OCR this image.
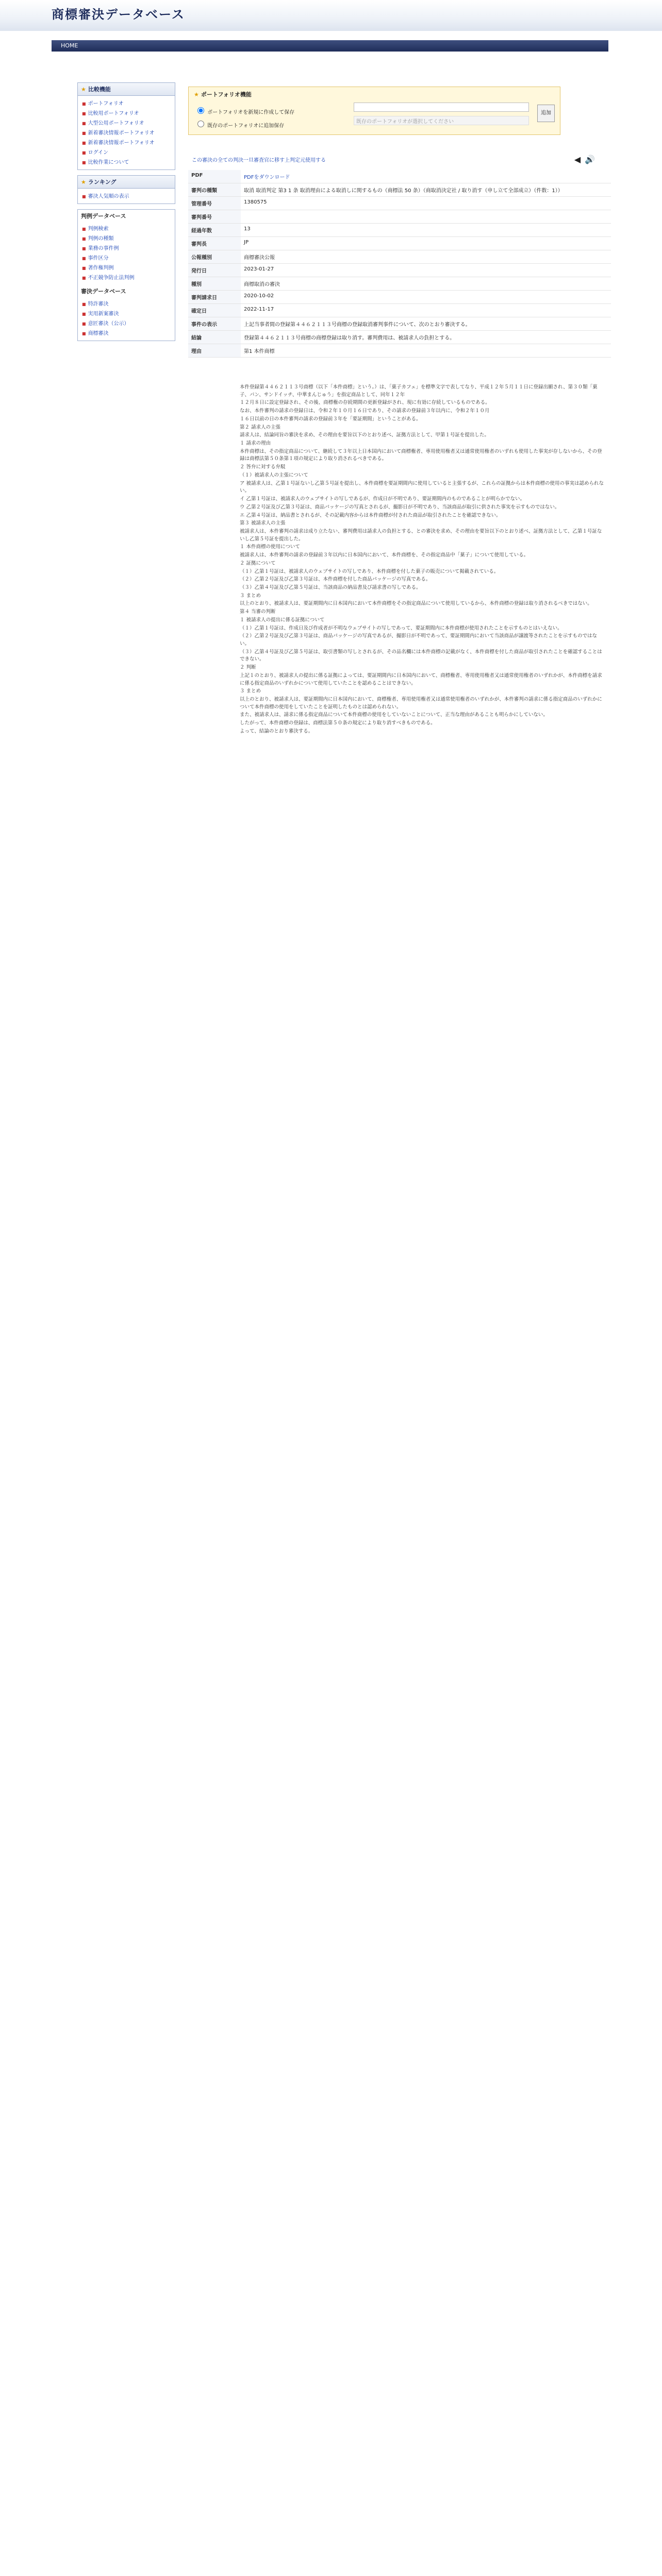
商標審決データベース
HOME
★ 比較機能
■ ポートフォリオ
■ 比較用ポートフォリオ
■ 大型公用ポートフォリオ
■ 新着審決情報ポートフォリオ
■ 新着審決情報ポートフォリオ
■ ログイン
■ 比較作業について
★ ランキング
■ 審決人気順の表示
判例データベース
■ 判例検索
■ 判例の種類
■ 業務の事件例
■ 事件区分
■ 著作権判例
■ 不正競争防止法判例
審決データベース
■ 特許審決
■ 実用新案審決
■ 意匠審決（公示）
■ 商標審決
★ ポートフォリオ機能
ポートフォリオを新規に作成して保存
既存のポートフォリオに追加保存
既存のポートフォリオが選択してください
追加
この審決の全ての判決一旦審査官に移す上判定元使用する	◀ 🔊
PDF	PDFをダウンロード
審判の種類	取消 取消判定 第3 1 条 取消理由による取消しに関するもの（商標法 50 条）（商取消決定社 / 取り消す（申し立て全部成立）（件数：1））
管理番号	1380575
審判番号	
経過年数	13
審判長	JP
公報種別	商標審決公報
発行日	2023-01-27
種別	商標取消の審決
審判請求日	2020-10-02
確定日	2022-11-17
事件の表示	上記当事者間の登録第４４６２１１３号商標の登録取消審判事件について、次のとおり審決する。
結論	登録第４４６２１１３号商標の商標登録は取り消す。審判費用は、被請求人の負担とする。
理由	第1 本件商標

本件登録第４４６２１１３号商標（以下「本件商標」という。）は、「菓子カフェ」を標準文字で表してなり、平成１２年５月１１日に登録出願され、第３０類「菓子、パン、サンドイッチ、中華まんじゅう」を指定商品として、同年１２年

１２月８日に設定登録され、その後、商標権の存続期間の更新登録がされ、現に有効に存続しているものである。

なお、本件審判の請求の登録日は、令和２年１０月１６日であり、その請求の登録前３年以内に、令和２年１０月

１６日以前の日の本件審判の請求の登録前３年を「要証期間」ということがある。

第２ 請求人の主張

請求人は、結論同旨の審決を求め、その理由を要旨以下のとおり述べ、証拠方法として、甲第１号証を提出した。

１ 請求の理由

本件商標は、その指定商品について、継続して３年以上日本国内において商標権者、専用使用権者又は通常使用権者のいずれも使用した事実が存しないから、その登録は商標法第５０条第１項の規定により取り消されるべきである。

２ 答弁に対する弁駁

（１）被請求人の主張について

ア 被請求人は、乙第１号証ないし乙第５号証を提出し、本件商標を要証期間内に使用していると主張するが、これらの証拠からは本件商標の使用の事実は認められない。

イ 乙第１号証は、被請求人のウェブサイトの写しであるが、作成日が不明であり、要証期間内のものであることが明らかでない。

ウ 乙第２号証及び乙第３号証は、商品パッケージの写真とされるが、撮影日が不明であり、当該商品が取引に供された事実を示すものではない。

エ 乙第４号証は、納品書とされるが、その記載内容からは本件商標が付された商品が取引されたことを確認できない。

第３ 被請求人の主張

被請求人は、本件審判の請求は成り立たない、審判費用は請求人の負担とする、との審決を求め、その理由を要旨以下のとおり述べ、証拠方法として、乙第１号証ないし乙第５号証を提出した。

１ 本件商標の使用について

被請求人は、本件審判の請求の登録前３年以内に日本国内において、本件商標を、その指定商品中「菓子」について使用している。

２ 証拠について

（１）乙第１号証は、被請求人のウェブサイトの写しであり、本件商標を付した菓子の販売について掲載されている。

（２）乙第２号証及び乙第３号証は、本件商標を付した商品パッケージの写真である。

（３）乙第４号証及び乙第５号証は、当該商品の納品書及び請求書の写しである。

３ まとめ

以上のとおり、被請求人は、要証期間内に日本国内において本件商標をその指定商品について使用しているから、本件商標の登録は取り消されるべきではない。

第４ 当審の判断

１ 被請求人の提出に係る証拠について

（１）乙第１号証は、作成日及び作成者が不明なウェブサイトの写しであって、要証期間内に本件商標が使用されたことを示すものとはいえない。

（２）乙第２号証及び乙第３号証は、商品パッケージの写真であるが、撮影日が不明であって、要証期間内において当該商品が譲渡等されたことを示すものではない。

（３）乙第４号証及び乙第５号証は、取引書類の写しとされるが、その品名欄には本件商標の記載がなく、本件商標を付した商品が取引されたことを確認することはできない。

２ 判断

上記１のとおり、被請求人の提出に係る証拠によっては、要証期間内に日本国内において、商標権者、専用使用権者又は通常使用権者のいずれかが、本件商標を請求に係る指定商品のいずれかについて使用していたことを認めることはできない。

３ まとめ

以上のとおり、被請求人は、要証期間内に日本国内において、商標権者、専用使用権者又は通常使用権者のいずれかが、本件審判の請求に係る指定商品のいずれかについて本件商標の使用をしていたことを証明したものとは認められない。

また、被請求人は、請求に係る指定商品について本件商標の使用をしていないことについて、正当な理由があることも明らかにしていない。

したがって、本件商標の登録は、商標法第５０条の規定により取り消すべきものである。

よって、結論のとおり審決する。
